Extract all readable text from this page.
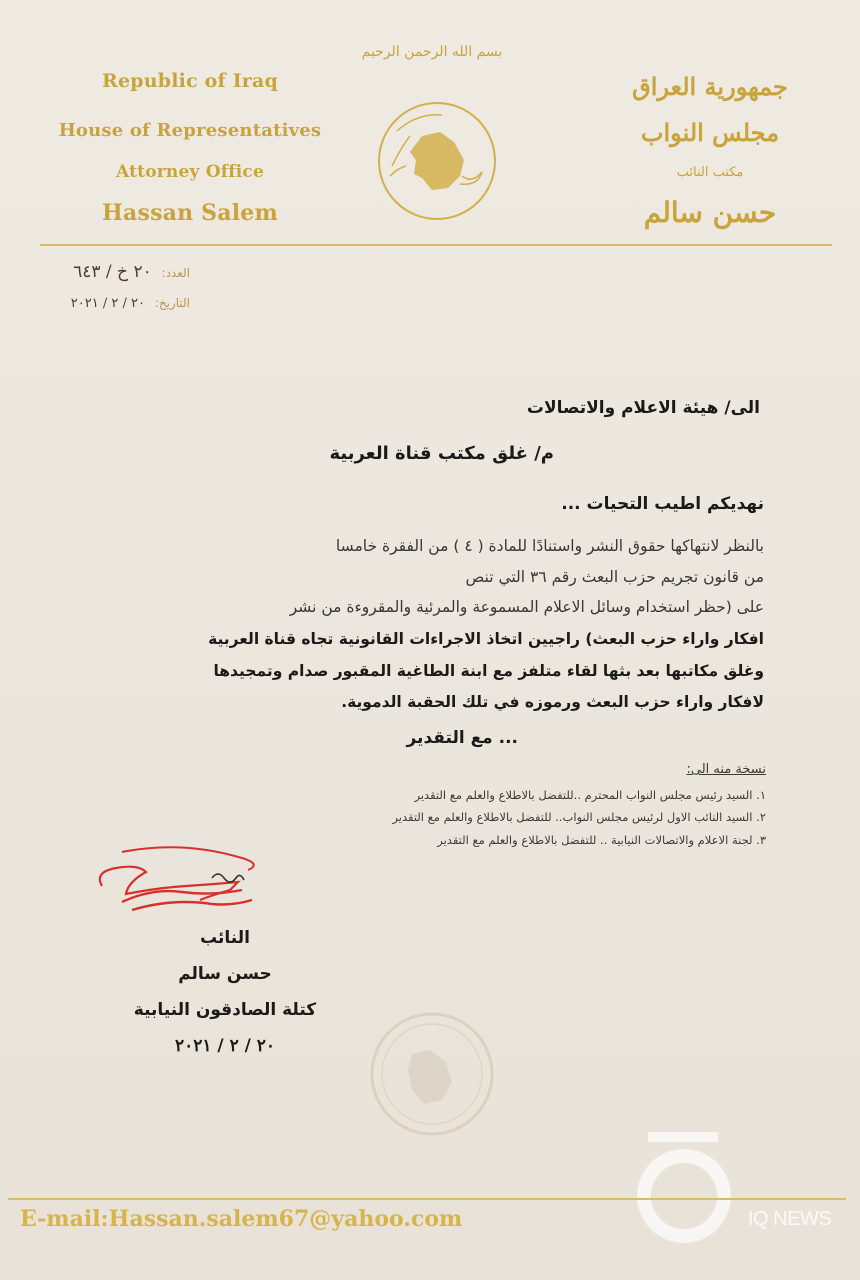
بسم الله الرحمن الرحيم
Republic of Iraq
House of Representatives
Attorney Office
Hassan Salem
جمهورية العراق
مجلس النواب
مكتب النائب
حسن سالم
العدد: ٢٠ خ / ٦٤٣
التاريخ: ٢٠ / ٢ / ٢٠٢١
الى/ هيئة الاعلام والاتصالات
م/ غلق مكتب قناة العربية
نهديكم اطيب التحيات ...
بالنظر لانتهاكها حقوق النشر واستنادًا للمادة ( ٤ ) من الفقرة خامسا
من قانون تجريم حزب البعث رقم ٣٦ التي تنص
على (حظر استخدام وسائل الاعلام المسموعة والمرئية والمقروءة من نشر
افكار واراء حزب البعث) راجيين اتخاذ الاجراءات القانونية تجاه قناة العربية
وغلق مكاتبها بعد بثها لقاء متلفز مع ابنة الطاغية المقبور صدام وتمجيدها
لافكار واراء حزب البعث ورموزه في تلك الحقبة الدموية.
... مع التقدير
نسخة منه الى:
١. السيد رئيس مجلس النواب المحترم ..للتفضل بالاطلاع والعلم مع التقدير
٢. السيد النائب الاول لرئيس مجلس النواب.. للتفضل بالاطلاع والعلم مع التقدير
٣. لجنة الاعلام والاتصالات النيابية .. للتفضل بالاطلاع والعلم مع التقدير
النائب
حسن سالم
كتلة الصادقون النيابية
٢٠ / ٢ / ٢٠٢١
IQ NEWS
E-mail:Hassan.salem67@yahoo.com
